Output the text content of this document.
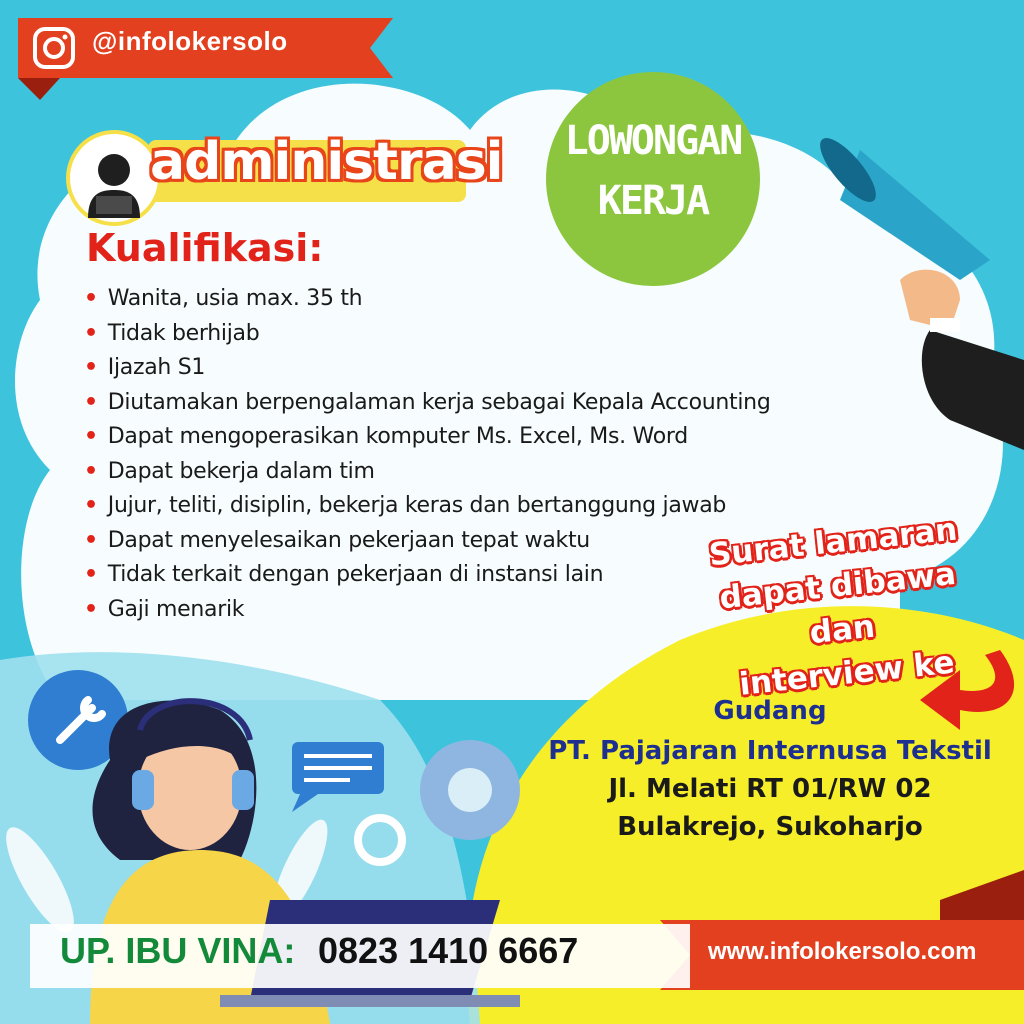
@infolokersolo
administrasi	LOWONGAN
KERJA
Kualifikasi:
• Wanita, usia max. 35 th
• Tidak berhijab
• Ijazah S1
• Diutamakan berpengalaman kerja sebagai Kepala Accounting
• Dapat mengoperasikan komputer Ms. Excel, Ms. Word
• Dapat bekerja dalam tim
• Jujur, teliti, disiplin, bekerja keras dan bertanggung jawab
• Dapat menyelesaikan pekerjaan tepat waktu
• Tidak terkait dengan pekerjaan di instansi lain
• Gaji menarik
Surat lamaran
dapat dibawa dan
interview ke
Gudang
PT. Pajajaran Internusa Tekstil
Jl. Melati RT 01/RW 02
Bulakrejo, Sukoharjo
UP. IBU VINA: 0823 1410 6667	www.infolokersolo.com
